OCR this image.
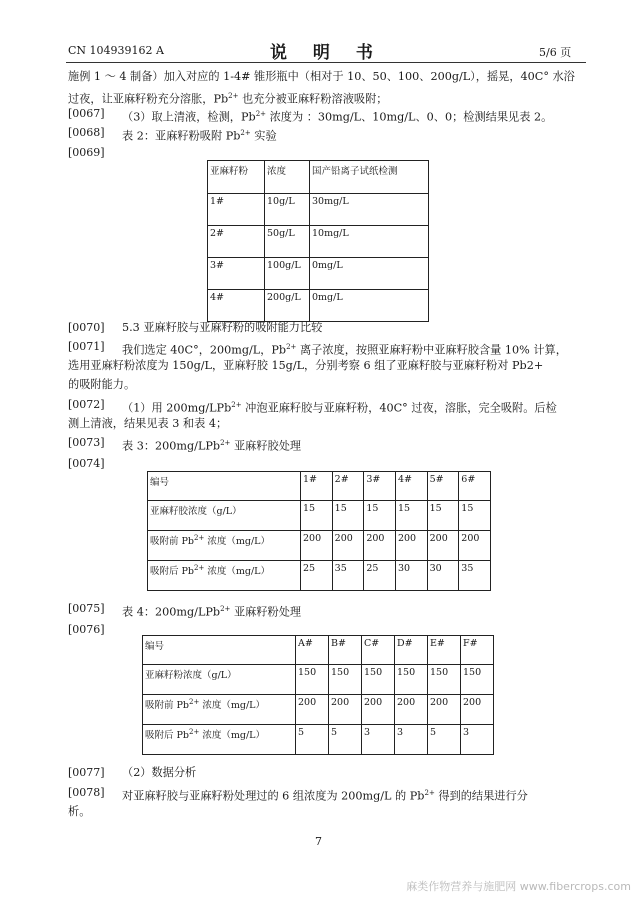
CN 104939162 A	说 明 书	5/6 页
施例 1 ～ 4 制备）加入对应的 1-4# 锥形瓶中（相对于 10、50、100、200g/L），摇晃，40C° 水浴
过夜，让亚麻籽粉充分溶胀，$Pb^{2+}$ 也充分被亚麻籽粉溶液吸附；
[0067] （3）取上清液，检测，$Pb^{2+}$ 浓度为 ：30mg/L、10mg/L、0、0；检测结果见表 2。
[0068] 表 2：亚麻籽粉吸附 $Pb^{2+}$ 实验
[0069]
亚麻籽粉	浓度	国产铅离子试纸检测
1#	10g/L	30mg/L
2#	50g/L	10mg/L
3#	100g/L	0mg/L
4#	200g/L	0mg/L
[0070] 5.3 亚麻籽胶与亚麻籽粉的吸附能力比较
[0071] 我们选定 40C°，200mg/L，$Pb^{2+}$ 离子浓度，按照亚麻籽粉中亚麻籽胶含量 10% 计算，
选用亚麻籽粉浓度为 150g/L，亚麻籽胶 15g/L，分别考察 6 组了亚麻籽胶与亚麻籽粉对 Pb2+
的吸附能力。
[0072] （1）用 200mg/LPb$^{2+}$ 冲泡亚麻籽胶与亚麻籽粉，40C° 过夜，溶胀，完全吸附。后检
测上清液，结果见表 3 和表 4；
[0073] 表 3：200mg/LPb$^{2+}$ 亚麻籽胶处理
[0074]
编号	1#	2#	3#	4#	5#	6#
亚麻籽胶浓度（g/L）	15	15	15	15	15	15
吸附前 $Pb^{2+}$ 浓度（mg/L）	200	200	200	200	200	200
吸附后 $Pb^{2+}$ 浓度（mg/L）	25	35	25	30	30	35
[0075] 表 4：200mg/LPb$^{2+}$ 亚麻籽粉处理
[0076]
编号	A#	B#	C#	D#	E#	F#
亚麻籽粉浓度（g/L）	150	150	150	150	150	150
吸附前 $Pb^{2+}$ 浓度（mg/L）	200	200	200	200	200	200
吸附后 $Pb^{2+}$ 浓度（mg/L）	5	5	3	3	5	3
[0077] （2）数据分析
[0078] 对亚麻籽胶与亚麻籽粉处理过的 6 组浓度为 200mg/L 的 $Pb^{2+}$ 得到的结果进行分
析。
7
麻类作物营养与施肥网 www.fibercrops.com
